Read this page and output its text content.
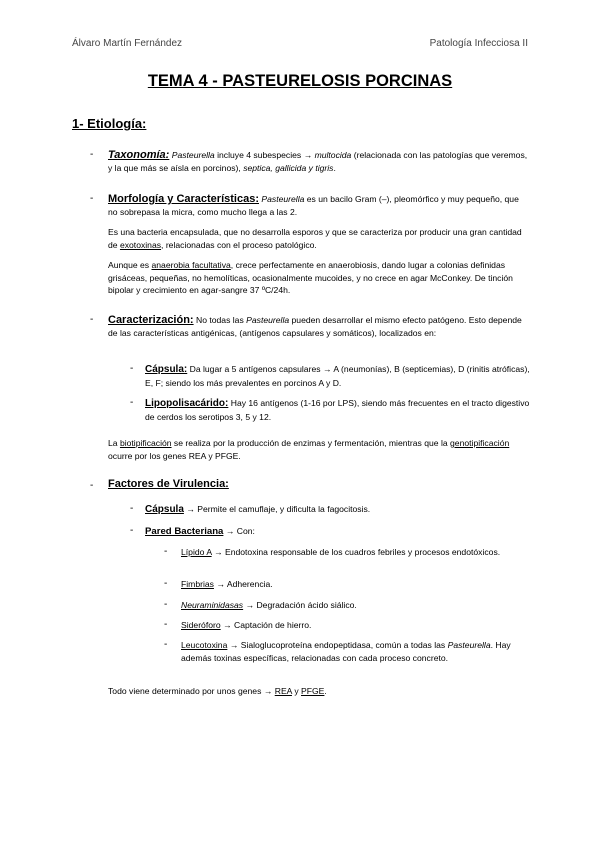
Álvaro Martín Fernández	Patología Infecciosa II
TEMA 4 - PASTEURELOSIS PORCINAS
1- Etiología:
- Taxonomía: Pasteurella incluye 4 subespecies → multocida (relacionada con las patologías que veremos, y la que más se aísla en porcinos), septica, gallicida y tigris.

- Morfología y Características: Pasteurella es un bacilo Gram (–), pleomórfico y muy pequeño, que no sobrepasa la micra, como mucho llega a las 2.

Es una bacteria encapsulada, que no desarrolla esporos y que se caracteriza por producir una gran cantidad de exotoxinas, relacionadas con el proceso patológico.

Aunque es anaerobia facultativa, crece perfectamente en anaerobiosis, dando lugar a colonias definidas grisáceas, pequeñas, no hemolíticas, ocasionalmente mucoides, y no crece en agar McConkey. De tinción bipolar y crecimiento en agar-sangre 37 ºC/24h.

- Caracterización: No todas las Pasteurella pueden desarrollar el mismo efecto patógeno. Esto depende de las características antigénicas, (antígenos capsulares y somáticos), localizados en:

- Cápsula: Da lugar a 5 antígenos capsulares → A (neumonías), B (septicemias), D (rinitis atróficas), E, F; siendo los más prevalentes en porcinos A y D.

- Lipopolisacárido: Hay 16 antígenos (1-16 por LPS), siendo más frecuentes en el tracto digestivo de cerdos los serotipos 3, 5 y 12.

La biotipificación se realiza por la producción de enzimas y fermentación, mientras que la genotipificación ocurre por los genes REA y PFGE.

- Factores de Virulencia:
- Cápsula → Permite el camuflaje, y dificulta la fagocitosis.

- Pared Bacteriana → Con:

- Lípido A → Endotoxina responsable de los cuadros febriles y procesos endotóxicos.

- Fimbrias → Adherencia.

- Neuraminidasas → Degradación ácido siálico.

- Sideróforo → Captación de hierro.

- Leucotoxina → Sialoglucoproteína endopeptidasa, común a todas las Pasteurella. Hay además toxinas específicas, relacionadas con cada proceso concreto.

Todo viene determinado por unos genes → REA y PFGE.
